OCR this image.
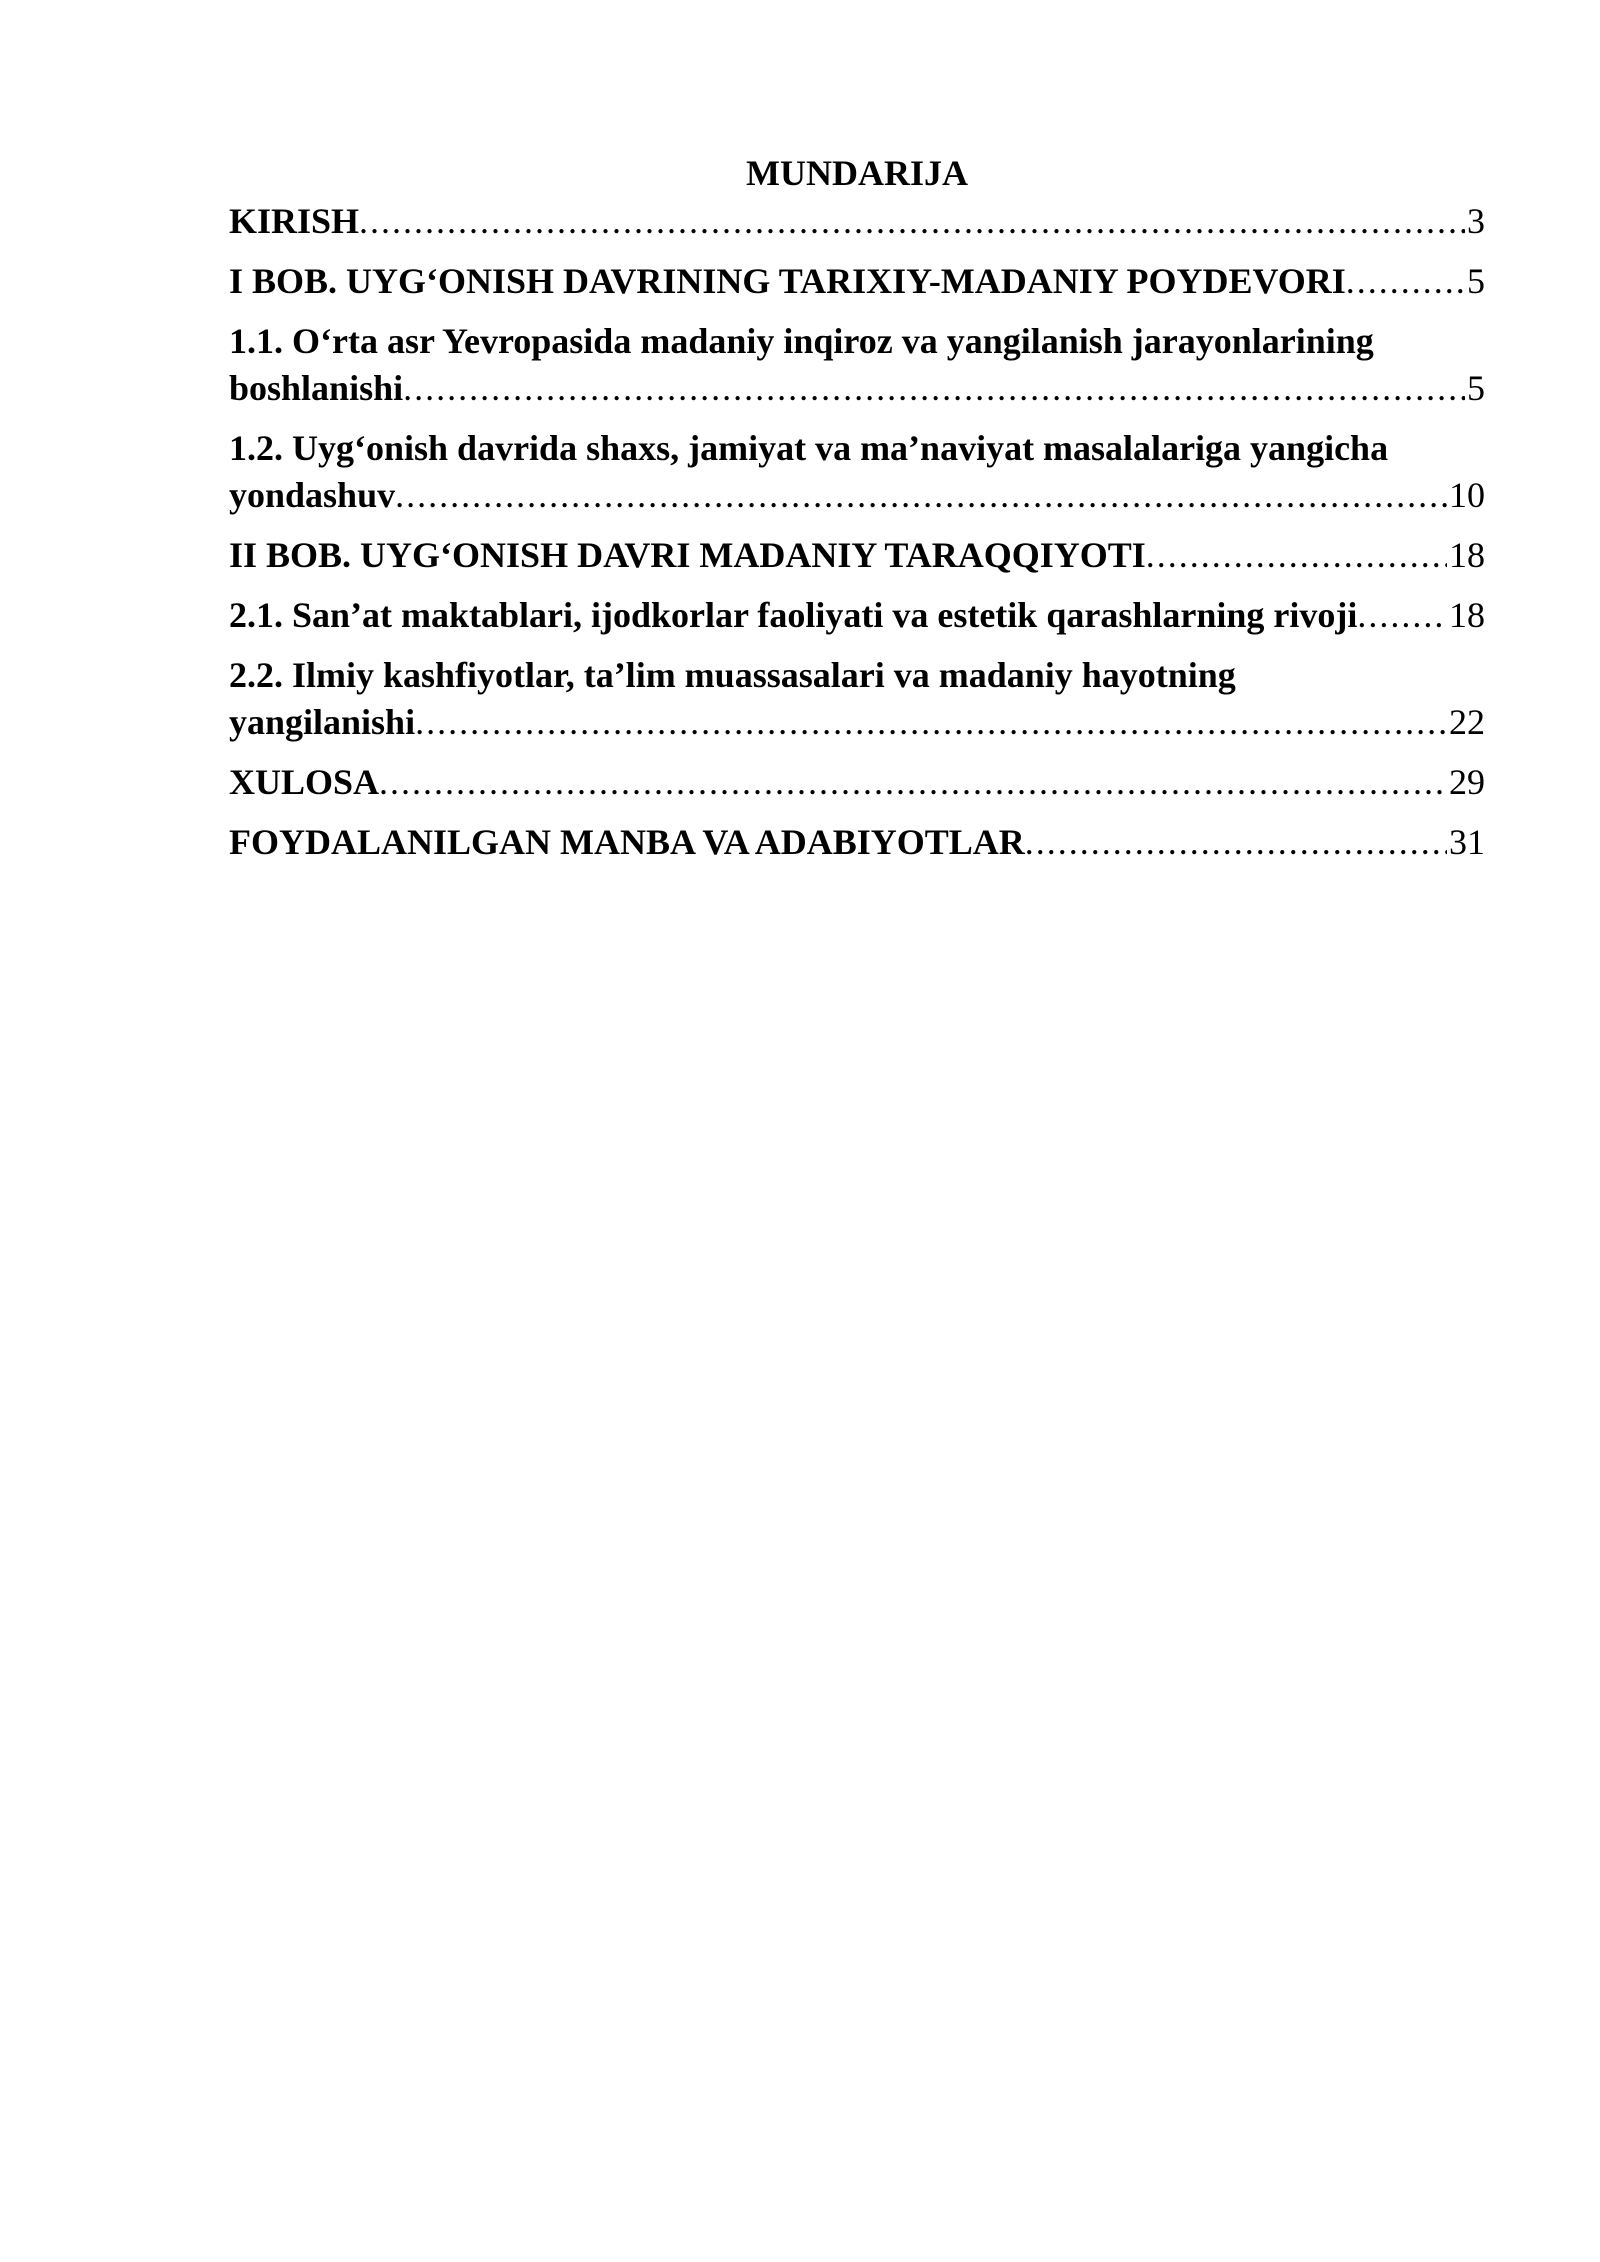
MUNDARIJA
KIRISH .....	3
I BOB. UYG‘ONISH DAVRINING TARIXIY-MADANIY POYDEVORI .....	5
1.1. O‘rta asr Yevropasida madaniy inqiroz va yangilanish jarayonlarining
boshlanishi .....	5
1.2. Uyg‘onish davrida shaxs, jamiyat va ma’naviyat masalalariga yangicha
yondashuv .....	10
II BOB. UYG‘ONISH DAVRI MADANIY TARAQQIYOTI .....	18
2.1. San’at maktablari, ijodkorlar faoliyati va estetik qarashlarning rivoji .....	18
2.2. Ilmiy kashfiyotlar, ta’lim muassasalari va madaniy hayotning
yangilanishi .....	22
XULOSA .....	29
FOYDALANILGAN MANBA VA ADABIYOTLAR .....	31
